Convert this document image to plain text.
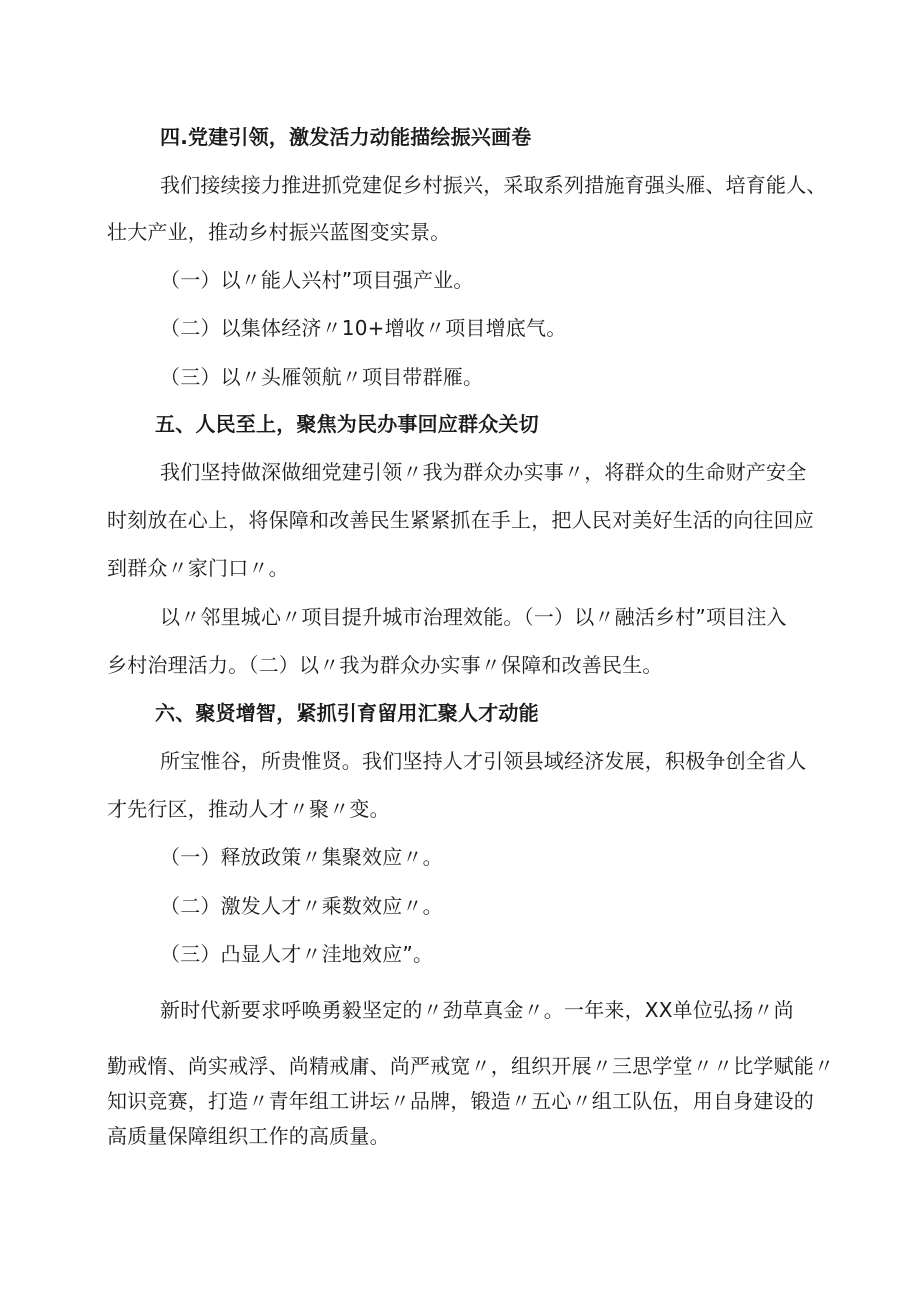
四.党建引领，激发活力动能描绘振兴画卷
我们接续接力推进抓党建促乡村振兴，采取系列措施育强头雁、培育能人、
壮大产业，推动乡村振兴蓝图变实景。
（一）以〃能人兴村”项目强产业。
（二）以集体经济〃10+增收〃项目增底气。
（三）以〃头雁领航〃项目带群雁。
五、人民至上，聚焦为民办事回应群众关切
我们坚持做深做细党建引领〃我为群众办实事〃，将群众的生命财产安全
时刻放在心上，将保障和改善民生紧紧抓在手上，把人民对美好生活的向往回应
到群众〃家门口〃。
以〃邻里城心〃项目提升城市治理效能。（一）以〃融活乡村”项目注入
乡村治理活力。（二）以〃我为群众办实事〃保障和改善民生。
六、聚贤增智，紧抓引育留用汇聚人才动能
所宝惟谷，所贵惟贤。我们坚持人才引领县域经济发展，积极争创全省人
才先行区，推动人才〃聚〃变。
（一）释放政策〃集聚效应〃。
（二）激发人才〃乘数效应〃。
（三）凸显人才〃洼地效应”。
新时代新要求呼唤勇毅坚定的〃劲草真金〃。一年来，XX单位弘扬〃尚
勤戒惰、尚实戒浮、尚精戒庸、尚严戒宽〃，组织开展〃三思学堂〃〃比学赋能〃
知识竞赛，打造〃青年组工讲坛〃品牌，锻造〃五心〃组工队伍，用自身建设的
高质量保障组织工作的高质量。
